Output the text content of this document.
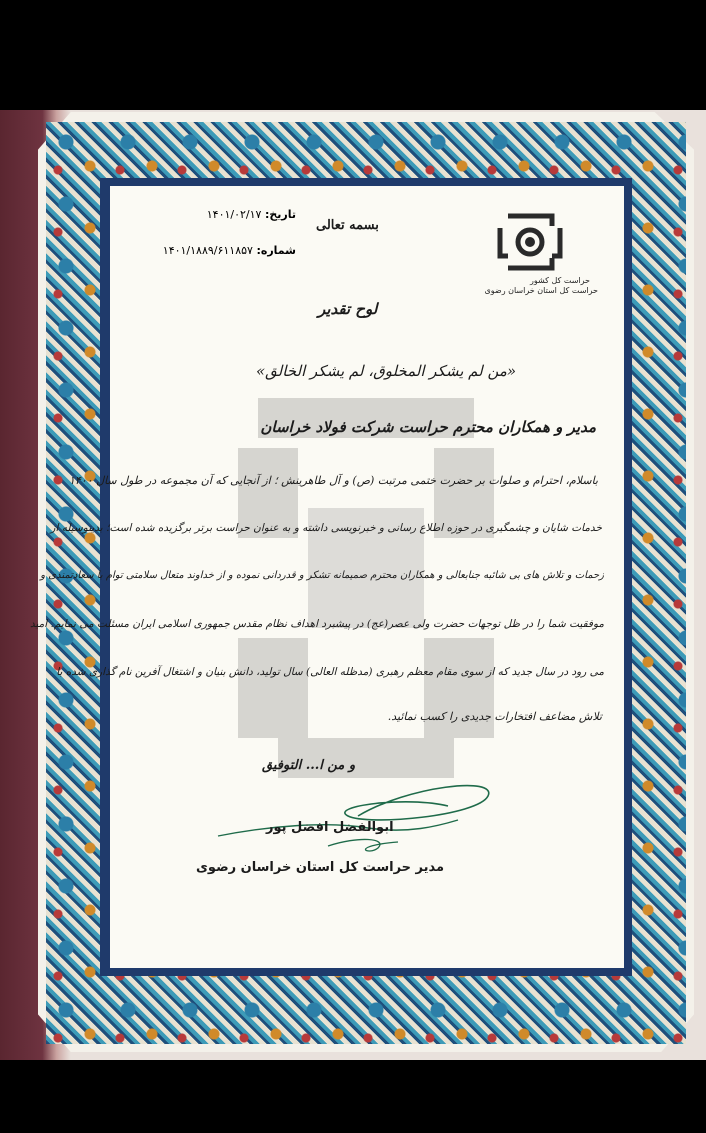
حراست کل کشور
حراست کل استان خراسان رضوی
بسمه تعالی
تاریخ: ۱۴۰۱/۰۲/۱۷
شماره: ۱۴۰۱/۱۸۸۹/۶۱۱۸۵۷
لوح تقدیر
«من لم یشکر المخلوق، لم یشکر الخالق»
مدیر و همکاران محترم حراست شرکت فولاد خراسان
باسلام، احترام و صلوات بر حضرت ختمی مرتبت (ص) و آل طاهرینش ؛ از آنجایی که آن مجموعه در طول سال ۱۴۰۰
خدمات شایان و چشمگیری در حوزه اطلاع رسانی و خبرنویسی داشته و به عنوان حراست برتر برگزیده شده است؛ بدینوسیله از
زحمات و تلاش های بی شائبه جنابعالی و همکاران محترم صمیمانه تشکر و قدردانی نموده و از خداوند متعال سلامتی توام با سعادتمندی و
موفقیت شما را در ظل توجهات حضرت ولی عصر(عج) در پیشبرد اهداف نظام مقدس جمهوری اسلامی ایران مسئلت می نمایم. امید
می رود در سال جدید که از سوی مقام معظم رهبری (مدظله العالی) سال تولید، دانش بنیان و اشتغال آفرین نام گذاری شده با
تلاش مضاعف افتخارات جدیدی را کسب نمائید.
و من ا... التوفیق
ابوالفضل افضل پور
مدیر حراست کل استان خراسان رضوی
